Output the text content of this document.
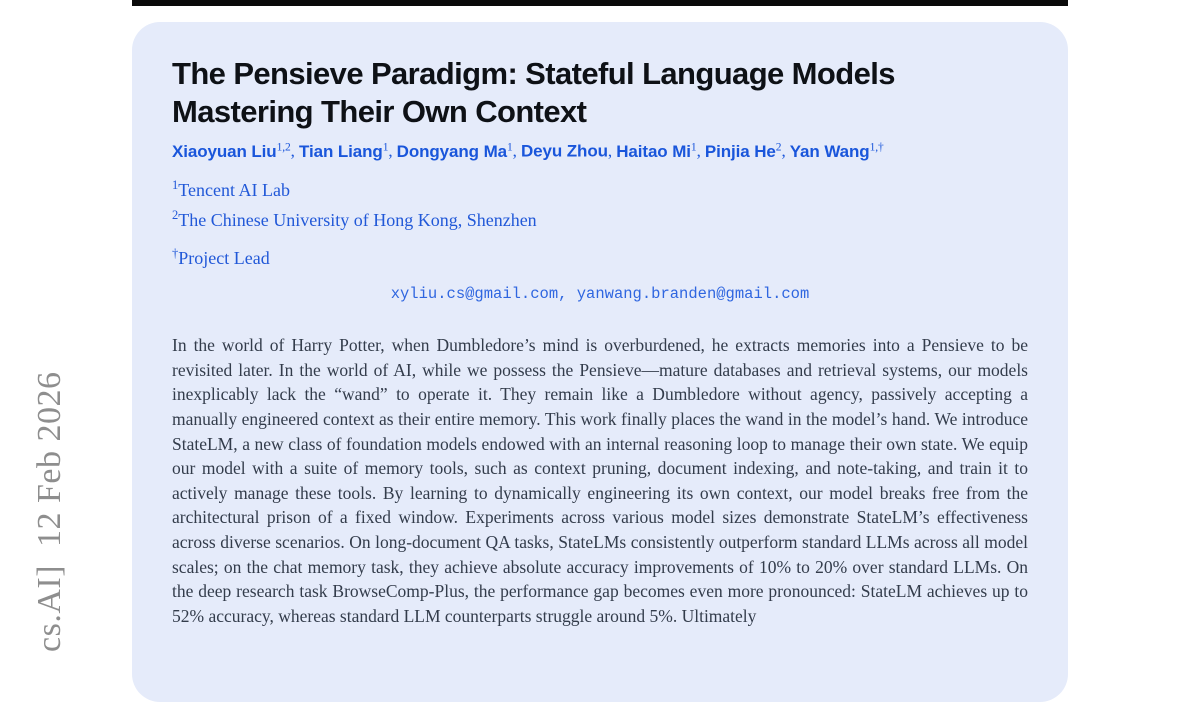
cs.AI]  12 Feb 2026
The Pensieve Paradigm: Stateful Language Models
Mastering Their Own Context
Xiaoyuan Liu$^{1,2}$, Tian Liang$^1$, Dongyang Ma$^1$, Deyu Zhou, Haitao Mi$^1$, Pinjia He$^2$, Yan Wang$^{1,\dagger}$
$^1$Tencent AI Lab
$^2$The Chinese University of Hong Kong, Shenzhen
†Project Lead
xyliu.cs@gmail.com, yanwang.branden@gmail.com

In the world of Harry Potter, when Dumbledore’s mind is overburdened, he extracts memories into a Pensieve to be revisited later. In the world of AI, while we possess the Pensieve—mature databases and retrieval systems, our models inexplicably lack the “wand” to operate it. They remain like a Dumbledore without agency, passively accepting a manually engineered context as their entire memory. This work finally places the wand in the model’s hand. We introduce StateLM, a new class of foundation models endowed with an internal reasoning loop to manage their own state. We equip our model with a suite of memory tools, such as context pruning, document indexing, and note-taking, and train it to actively manage these tools. By learning to dynamically engineering its own context, our model breaks free from the architectural prison of a fixed window. Experiments across various model sizes demonstrate StateLM’s effectiveness across diverse scenarios. On long-document QA tasks, StateLMs consistently outperform standard LLMs across all model scales; on the chat memory task, they achieve absolute accuracy improvements of 10% to 20% over standard LLMs. On the deep research task BrowseComp-Plus, the performance gap becomes even more pronounced: StateLM achieves up to 52% accuracy, whereas standard LLM counterparts struggle around 5%. Ultimately
